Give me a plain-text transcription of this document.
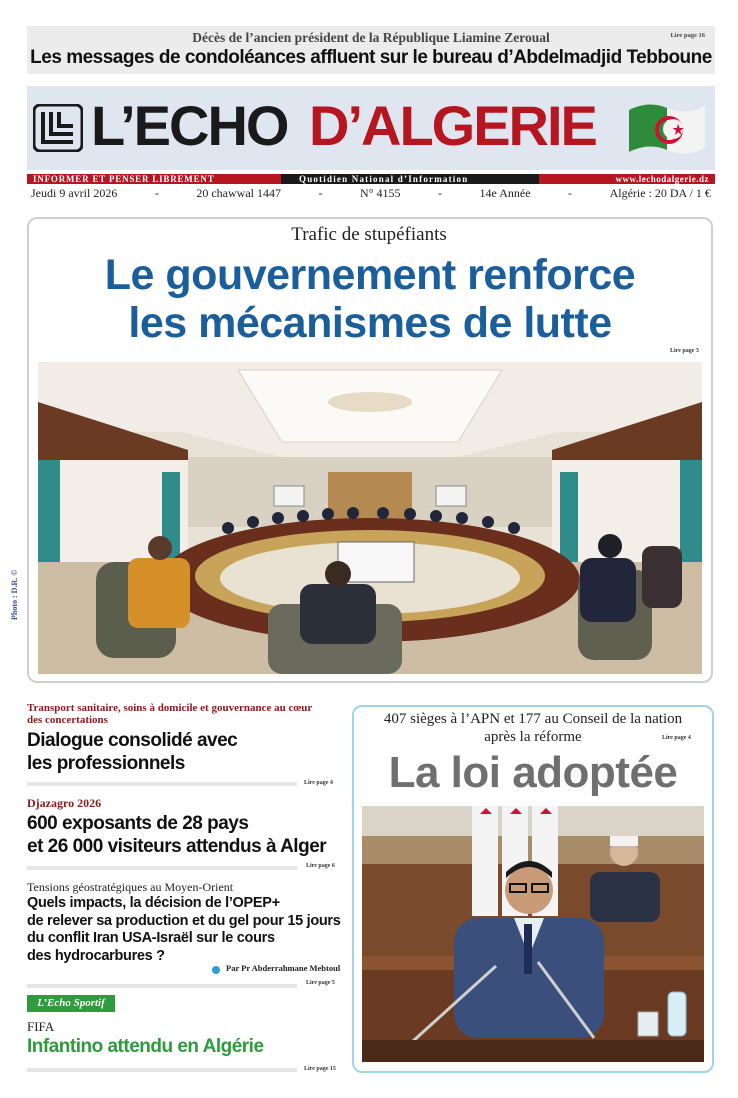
Décès de l’ancien président de la République Liamine Zeroual	Lire page 16
Les messages de condoléances affluent sur le bureau d’Abdelmadjid Tebboune
L’ECHO D’ALGERIE
INFORMER ET PENSER LIBREMENT	Quotidien National d’Information	www.lechodalgerie.dz
Jeudi 9 avril 2026	-	20 chawwal 1447	-	N° 4155	-	14e Année	-	Algérie : 20 DA / 1 €
Trafic de stupéfiants
Le gouvernement renforce
les mécanismes de lutte
Lire page 3
Photo : D.R. ©
Transport sanitaire, soins à domicile et gouvernance au cœur des concertations
Dialogue consolidé avec
les professionnels
Lire page 4
Djazagro 2026
600 exposants de 28 pays
et 26 000 visiteurs attendus à Alger
Lire page 6
Tensions géostratégiques au Moyen-Orient
Quels impacts, la décision de l’OPEP+
de relever sa production et du gel pour 15 jours
du conflit Iran USA-Israël sur le cours
des hydrocarbures ?
Par Pr Abderrahmane Mebtoul
Lire page 5
L’Echo Sportif
FIFA
Infantino attendu en Algérie
Lire page 15
407 sièges à l’APN et 177 au Conseil de la nation
après la réforme	Lire page 4
La loi adoptée
